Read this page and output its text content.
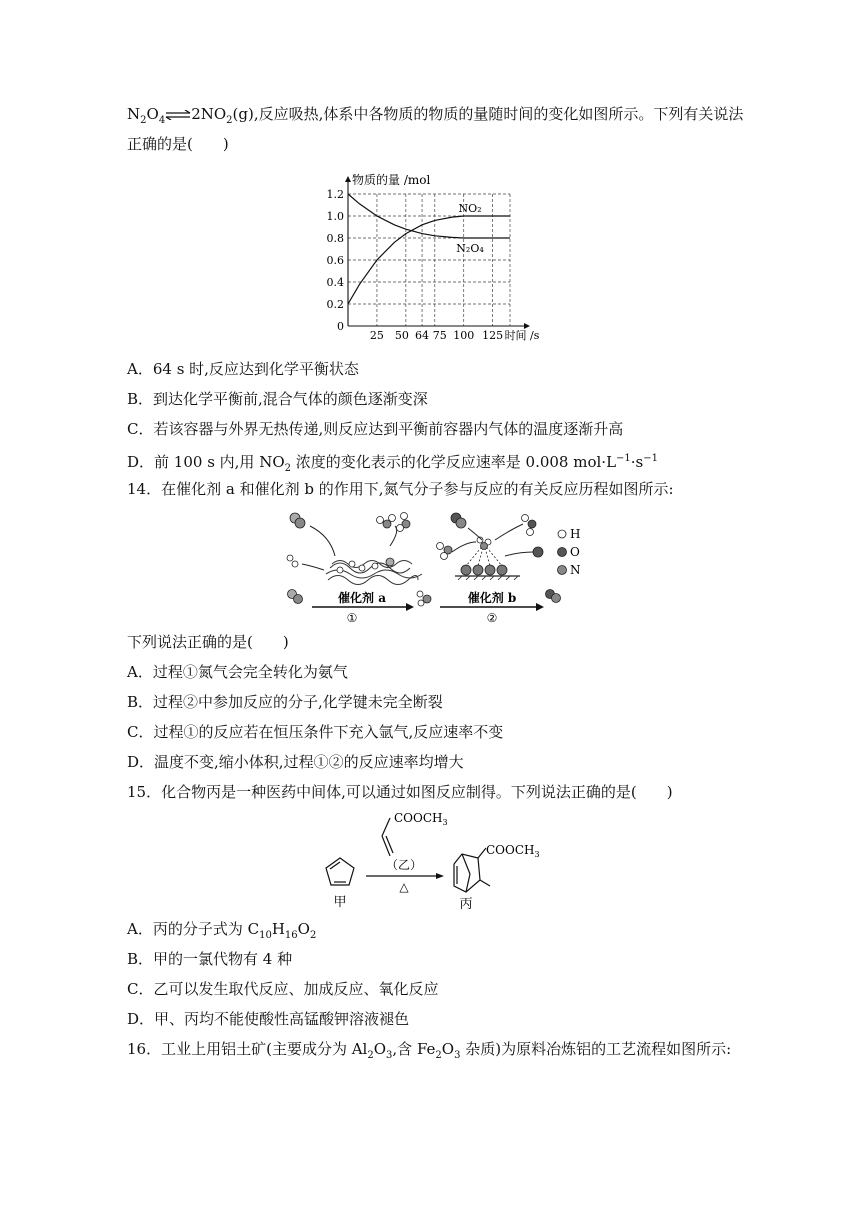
$N_2O_4\rightleftharpoons 2NO_2(g)$,反应吸热,体系中各物质的物质的量随时间的变化如图所示。下列有关说法
正确的是(　　)
0
0.2
0.4
0.6
0.8
1.0
1.2
25 50 64 75 100 125
物质的量 /mol
时间 /s
NO₂
N₂O₄
A．64 s 时,反应达到化学平衡状态
B．到达化学平衡前,混合气体的颜色逐渐变深
C．若该容器与外界无热传递,则反应达到平衡前容器内气体的温度逐渐升高
D．前 100 s 内,用 $NO_2$ 浓度的变化表示的化学反应速率是 0.008 $mol\cdot L^{-1}\cdot s^{-1}$
14．在催化剂 a 和催化剂 b 的作用下,氮气分子参与反应的有关反应历程如图所示:
H
O
N
催化剂 a
①
催化剂 b
②
下列说法正确的是(　　)
A．过程①氮气会完全转化为氨气
B．过程②中参加反应的分子,化学键未完全断裂
C．过程①的反应若在恒压条件下充入氩气,反应速率不变
D．温度不变,缩小体积,过程①②的反应速率均增大
15．化合物丙是一种医药中间体,可以通过如图反应制得。下列说法正确的是(　　)
$COOCH_3$
甲
（乙）
△
$COOCH_3$
丙
A．丙的分子式为 $C_{10}H_{16}O_2$
B．甲的一氯代物有 4 种
C．乙可以发生取代反应、加成反应、氧化反应
D．甲、丙均不能使酸性高锰酸钾溶液褪色
16．工业上用铝土矿(主要成分为 $Al_2O_3$,含 $Fe_2O_3$ 杂质)为原料冶炼铝的工艺流程如图所示:
